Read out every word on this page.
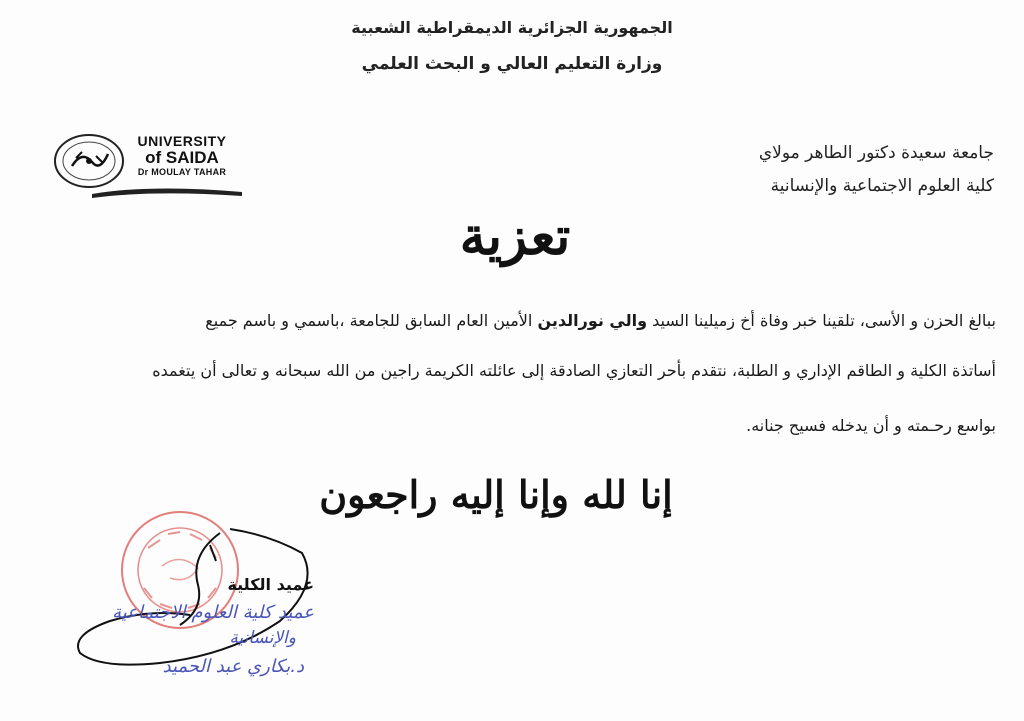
الجمهورية الجزائرية الديمقراطية الشعبية
وزارة التعليم العالي و البحث العلمي
جامعة سعيدة دكتور الطاهر مولاي
كلية العلوم الاجتماعية والإنسانية
UNIVERSITY
of SAIDA
Dr MOULAY TAHAR
تعزية
ببالغ الحزن و الأسى، تلقينا خبر وفاة أخ زميلينا السيد والي نورالدين الأمين العام السابق للجامعة ،باسمي و باسم جميع
أساتذة الكلية و الطاقم الإداري و الطلبة، نتقدم بأحر التعازي الصادقة إلى عائلته الكريمة راجين من الله سبحانه و تعالى أن يتغمده
بواسع رحـمته و أن يدخله فسيح جنانه.
إنا لله وإنا إليه راجعون
عميد الكلية
عميد كلية العلوم الاجتماعية
والإنسانية
د.بكاري عبد الحميد
